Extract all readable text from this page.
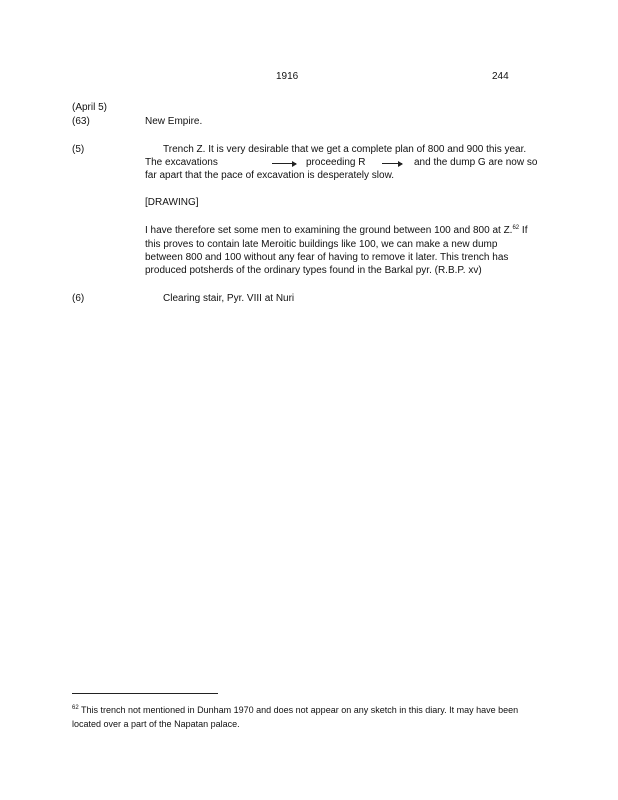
1916	244
(April 5)
(63)	New Empire.
(5)	Trench Z. It is very desirable that we get a complete plan of 800 and 900 this year.
The excavations	proceeding R	and the dump G are now so
far apart that the pace of excavation is desperately slow.
[DRAWING]
I have therefore set some men to examining the ground between 100 and 800 at Z.$^{62}$ If
this proves to contain late Meroitic buildings like 100, we can make a new dump
between 800 and 100 without any fear of having to remove it later. This trench has
produced potsherds of the ordinary types found in the Barkal pyr. (R.B.P. xv)
(6)	Clearing stair, Pyr. VIII at Nuri
$^{62}$ This trench not mentioned in Dunham 1970 and does not appear on any sketch in this diary. It may have been
located over a part of the Napatan palace.
